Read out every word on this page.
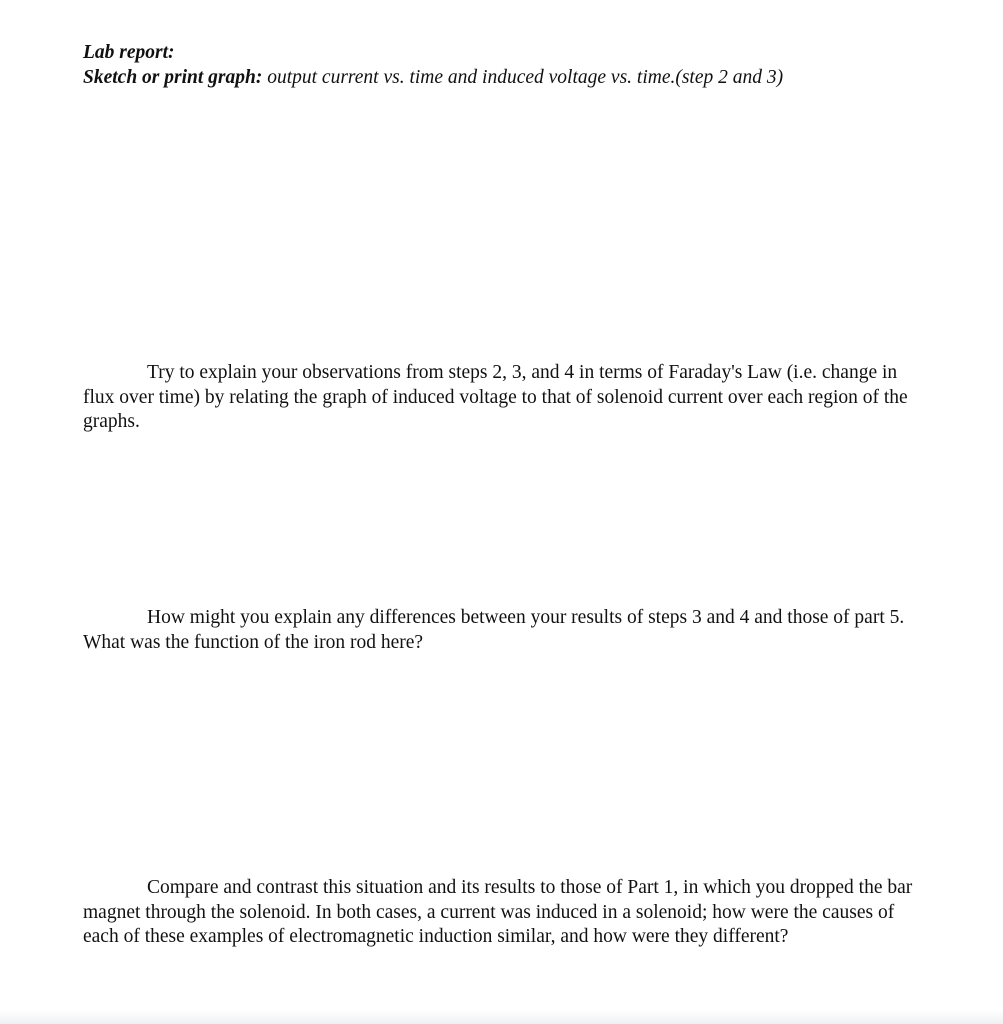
Lab report:
Sketch or print graph: output current vs. time and induced voltage vs. time.(step 2 and 3)
Try to explain your observations from steps 2, 3, and 4 in terms of Faraday's Law (i.e. change in flux over time) by relating the graph of induced voltage to that of solenoid current over each region of the graphs.
How might you explain any differences between your results of steps 3 and 4 and those of part 5. What was the function of the iron rod here?
Compare and contrast this situation and its results to those of Part 1, in which you dropped the bar magnet through the solenoid. In both cases, a current was induced in a solenoid; how were the causes of each of these examples of electromagnetic induction similar, and how were they different?
